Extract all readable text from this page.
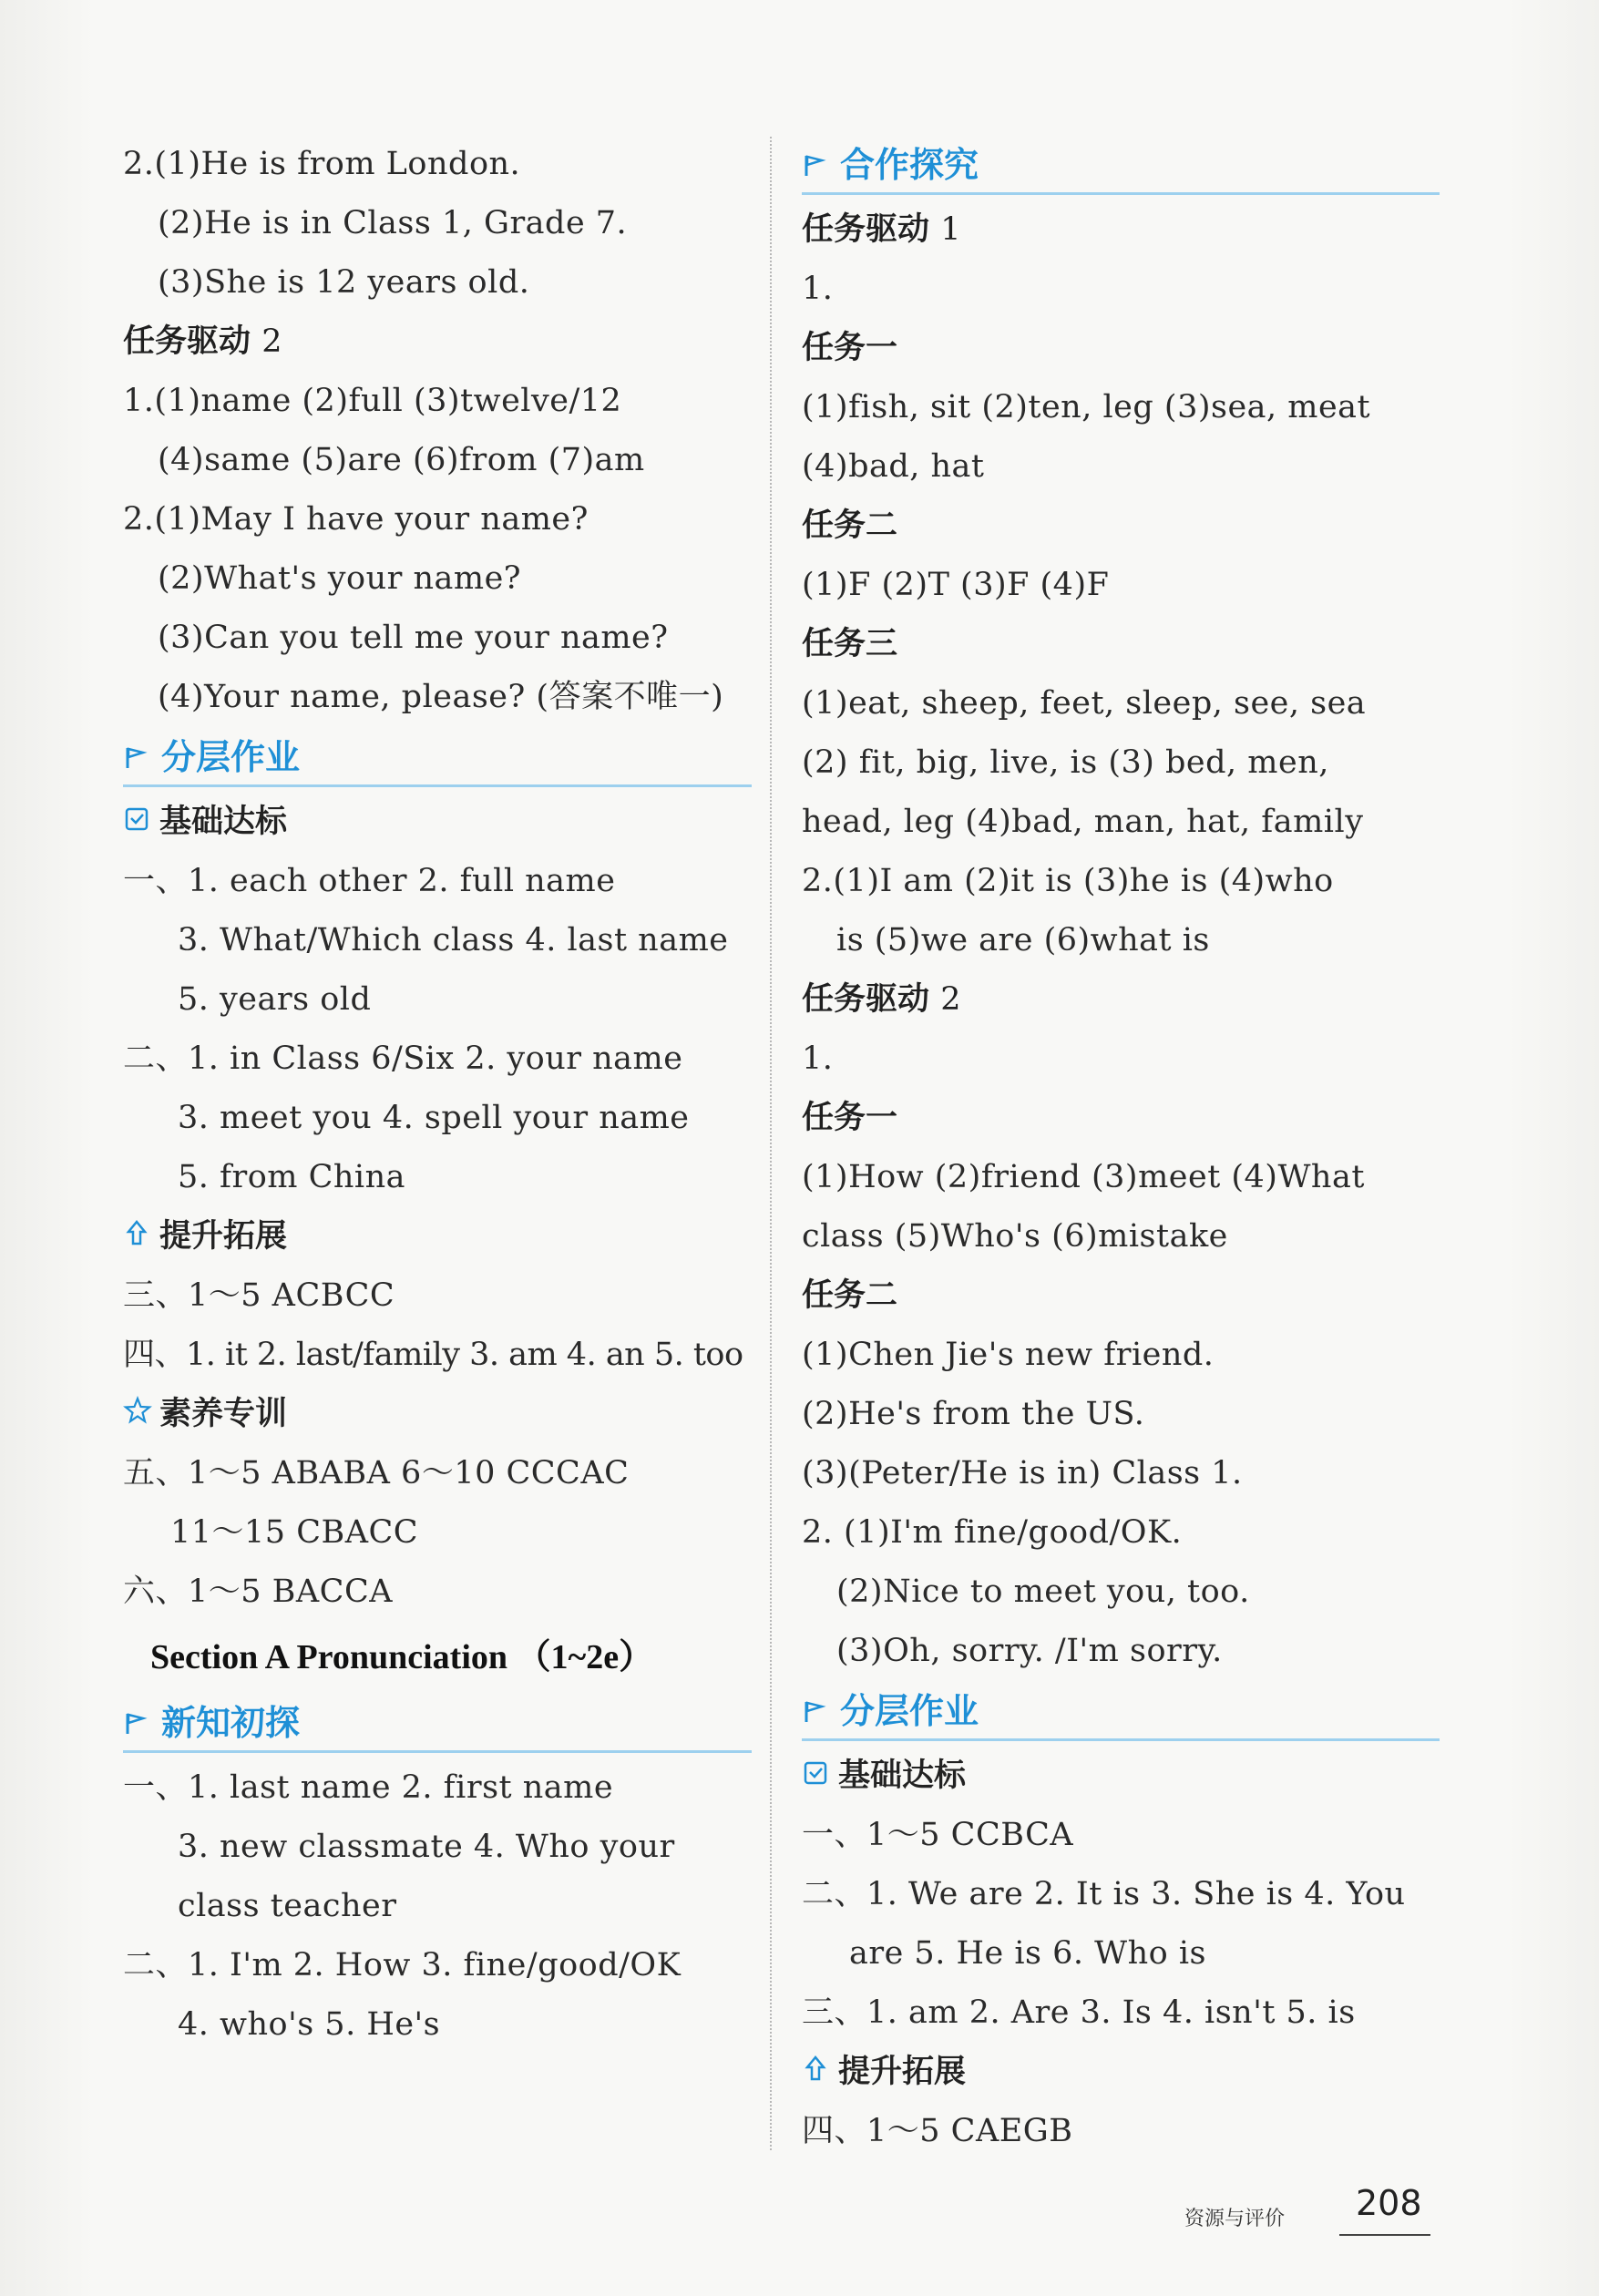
2.(1)He is from London.
(2)He is in Class 1, Grade 7.
(3)She is 12 years old.
任务驱动 2
1.(1)name (2)full (3)twelve/12
(4)same (5)are (6)from (7)am
2.(1)May I have your name?
(2)What's your name?
(3)Can you tell me your name?
(4)Your name, please? (答案不唯一)
分层作业
基础达标
一、1. each other 2. full name
3. What/Which class 4. last name
5. years old
二、1. in Class 6/Six 2. your name
3. meet you 4. spell your name
5. from China
提升拓展
三、1～5 ACBCC
四、1. it 2. last/family 3. am 4. an 5. too
素养专训
五、1～5 ABABA 6～10 CCCAC
11～15 CBACC
六、1～5 BACCA
Section A Pronunciation （1~2e）
新知初探
一、1. last name 2. first name
3. new classmate 4. Who your
class teacher
二、1. I'm 2. How 3. fine/good/OK
4. who's 5. He's
合作探究
任务驱动 1
1.
任务一
(1)fish, sit (2)ten, leg (3)sea, meat
(4)bad, hat
任务二
(1)F (2)T (3)F (4)F
任务三
(1)eat, sheep, feet, sleep, see, sea
(2) fit, big, live, is (3) bed, men,
head, leg (4)bad, man, hat, family
2.(1)I am (2)it is (3)he is (4)who
is (5)we are (6)what is
任务驱动 2
1.
任务一
(1)How (2)friend (3)meet (4)What
class (5)Who's (6)mistake
任务二
(1)Chen Jie's new friend.
(2)He's from the US.
(3)(Peter/He is in) Class 1.
2. (1)I'm fine/good/OK.
(2)Nice to meet you, too.
(3)Oh, sorry. /I'm sorry.
分层作业
基础达标
一、1～5 CCBCA
二、1. We are 2. It is 3. She is 4. You
are 5. He is 6. Who is
三、1. am 2. Are 3. Is 4. isn't 5. is
提升拓展
四、1～5 CAEGB
资源与评价 208
